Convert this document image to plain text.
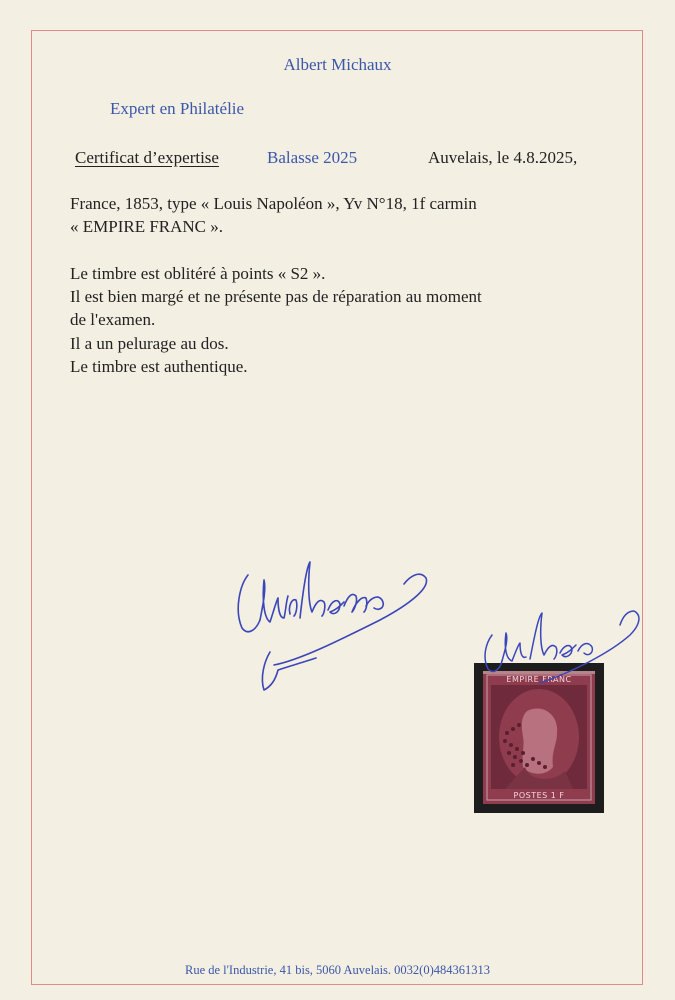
Albert Michaux
Expert en Philatélie
Certificat d’expertise	Balasse 2025	Auvelais, le 4.8.2025,
France, 1853, type « Louis Napoléon », Yv N°18, 1f carmin
« EMPIRE FRANC ».
Le timbre est oblitéré à points « S2 ».
Il est bien margé et ne présente pas de réparation au moment
de l'examen.
Il a un pelurage au dos.
Le timbre est authentique.
EMPIRE FRANC
POSTES 1 F
Rue de l'Industrie, 41 bis, 5060 Auvelais. 0032(0)484361313
